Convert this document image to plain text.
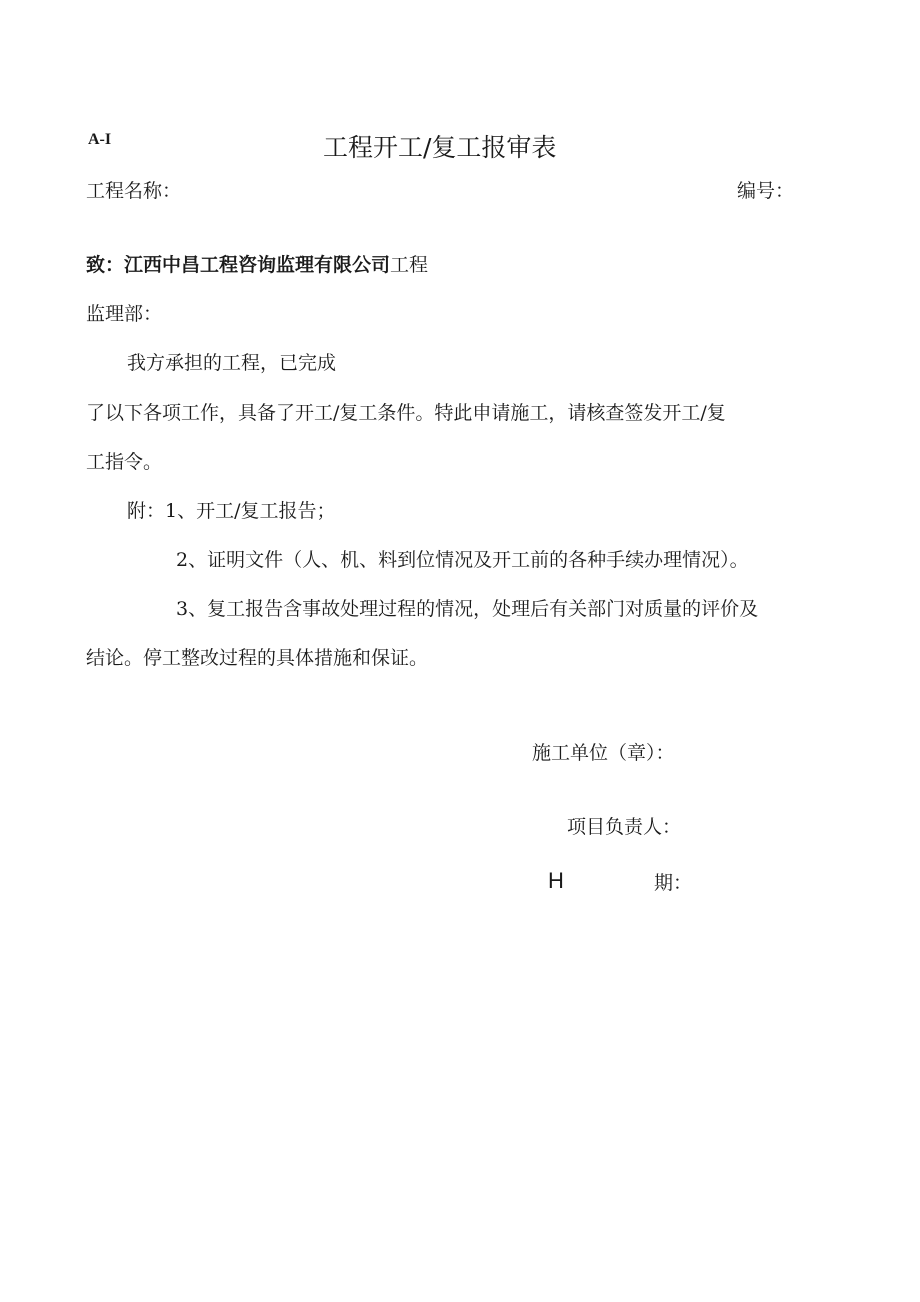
A-I	工程开工/复工报审表
工程名称：	编号：
致：江西中昌工程咨询监理有限公司工程
监理部：
我方承担的工程，已完成
了以下各项工作，具备了开工/复工条件。特此申请施工，请核查签发开工/复
工指令。
附：1、开工/复工报告；
2、证明文件（人、机、料到位情况及开工前的各种手续办理情况）。
3、复工报告含事故处理过程的情况，处理后有关部门对质量的评价及
结论。停工整改过程的具体措施和保证。
施工单位（章）：
项目负责人：
H	期：
